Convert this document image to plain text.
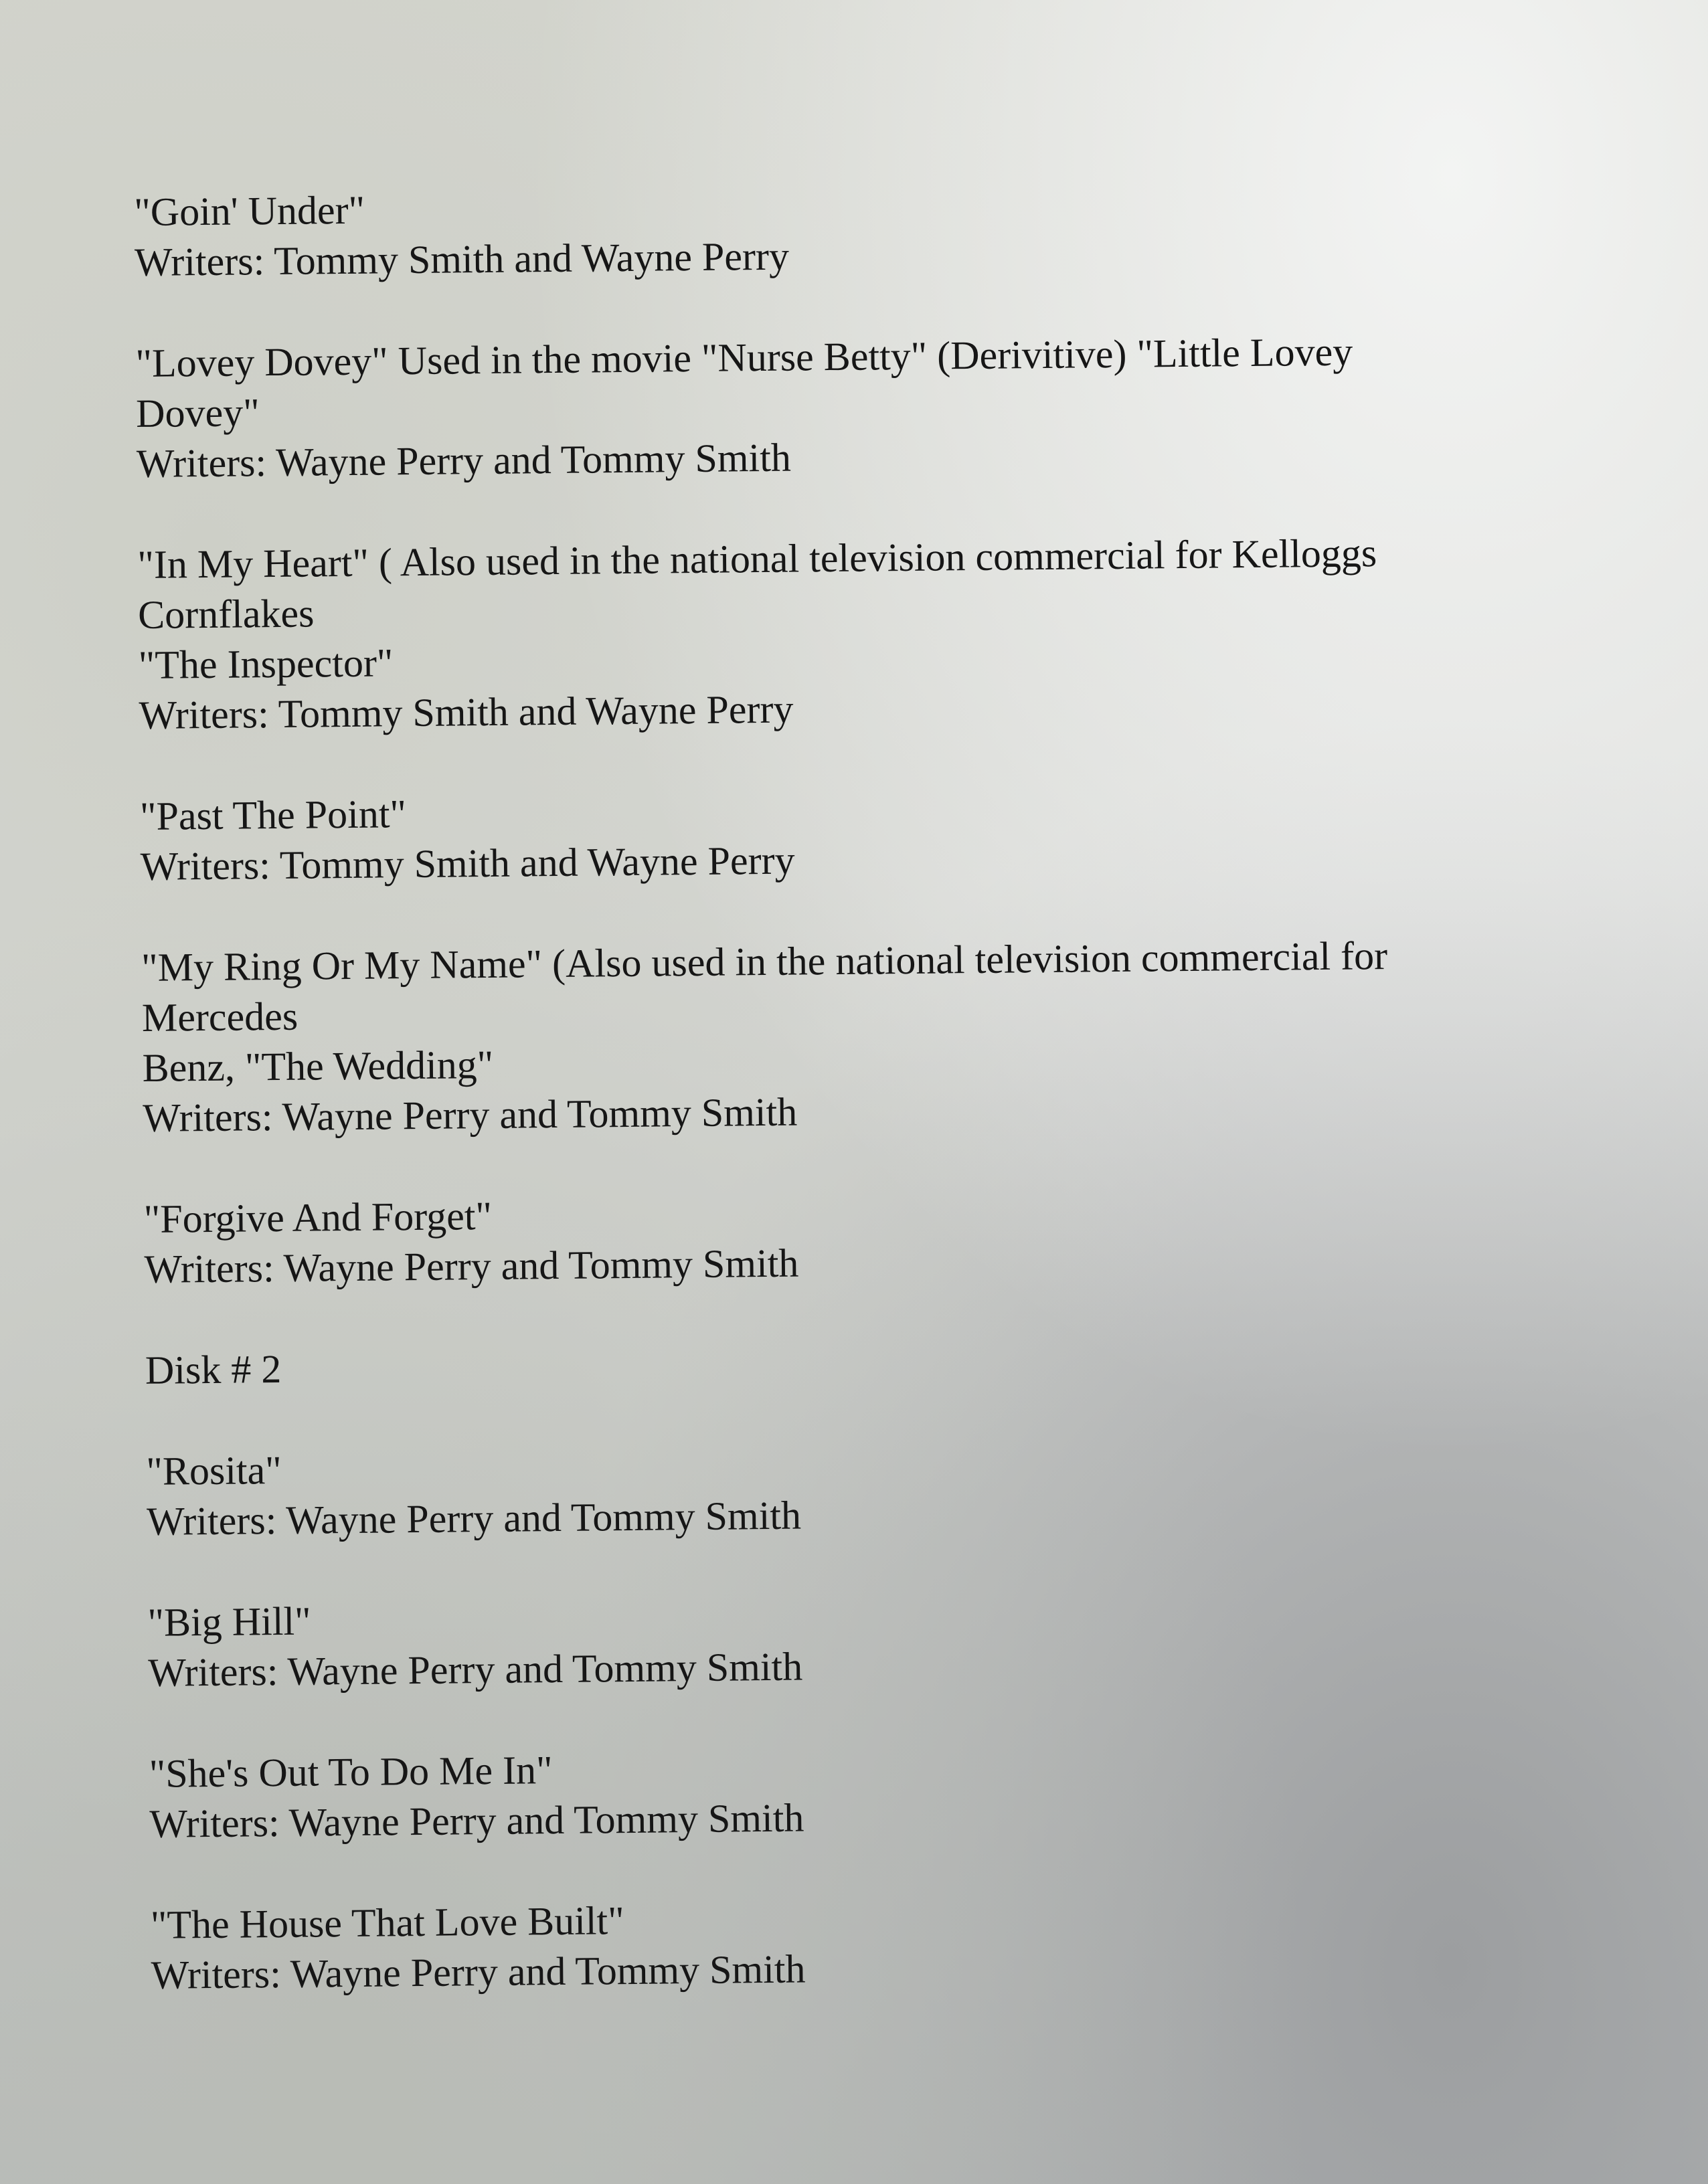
"Goin' Under"
Writers: Tommy Smith and Wayne Perry
"Lovey Dovey" Used in the movie "Nurse Betty" (Derivitive) "Little Lovey
Dovey"
Writers: Wayne Perry and Tommy Smith
"In My Heart" ( Also used in the national television commercial for Kelloggs
Cornflakes
"The Inspector"
Writers: Tommy Smith and Wayne Perry
"Past The Point"
Writers: Tommy Smith and Wayne Perry
"My Ring Or My Name" (Also used in the national television commercial for
Mercedes
Benz, "The Wedding"
Writers: Wayne Perry and Tommy Smith
"Forgive And Forget"
Writers: Wayne Perry and Tommy Smith
Disk # 2
"Rosita"
Writers: Wayne Perry and Tommy Smith
"Big Hill"
Writers: Wayne Perry and Tommy Smith
"She's Out To Do Me In"
Writers: Wayne Perry and Tommy Smith
"The House That Love Built"
Writers: Wayne Perry and Tommy Smith
